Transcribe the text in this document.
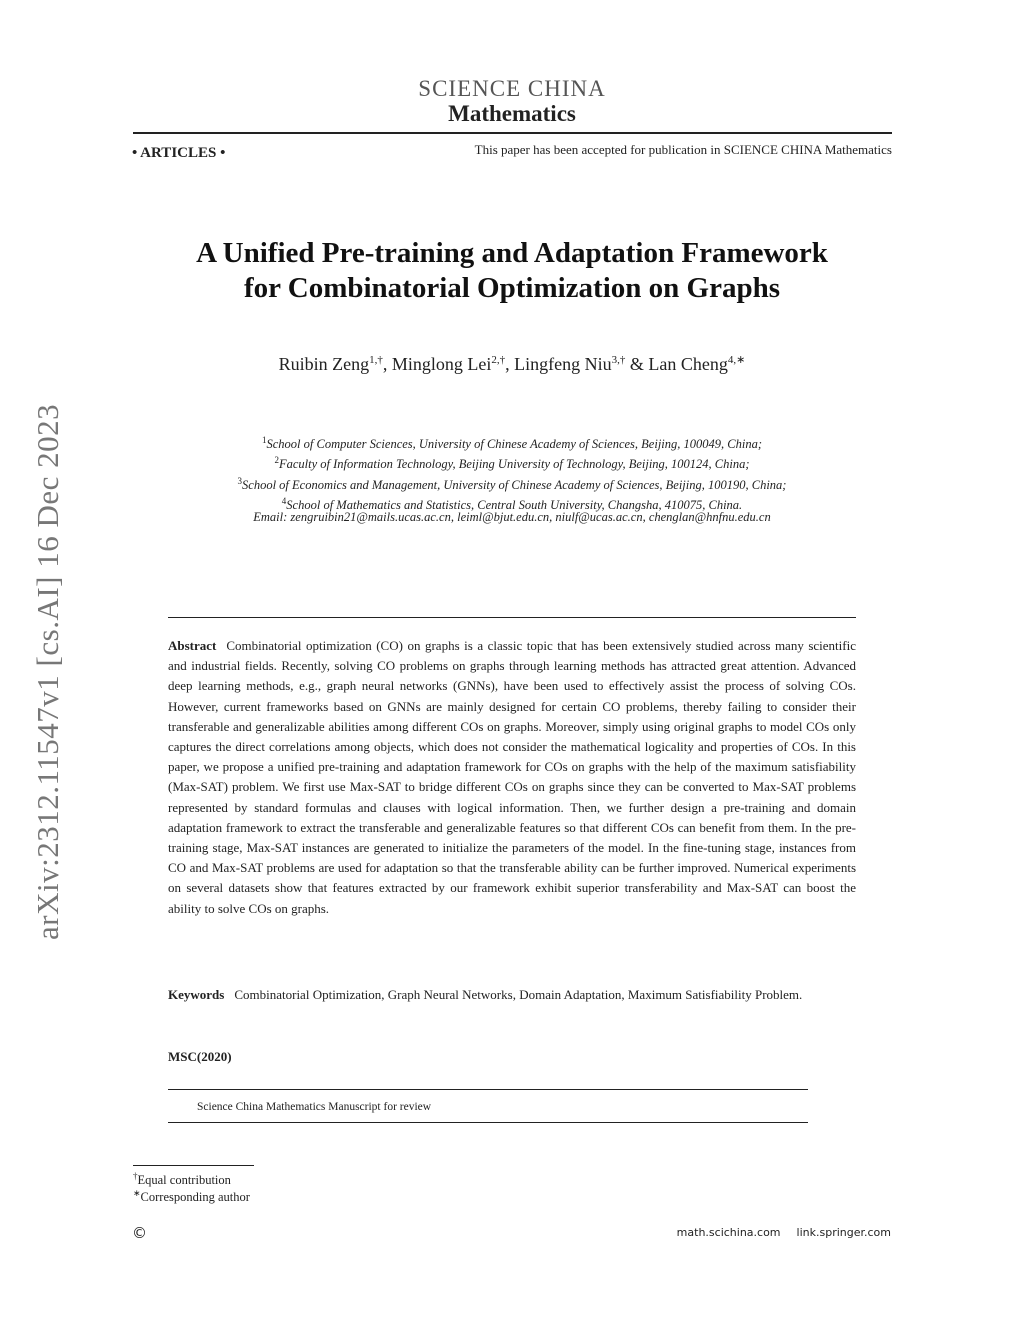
SCIENCE CHINA
Mathematics
• ARTICLES •	This paper has been accepted for publication in SCIENCE CHINA Mathematics
arXiv:2312.11547v1 [cs.AI] 16 Dec 2023
A Unified Pre-training and Adaptation Framework
for Combinatorial Optimization on Graphs
Ruibin Zeng$^{1,\dagger}$, Minglong Lei$^{2,\dagger}$, Lingfeng Niu$^{3,\dagger}$ & Lan Cheng$^{4,∗}$
$^1$School of Computer Sciences, University of Chinese Academy of Sciences, Beijing, 100049, China;
$^2$Faculty of Information Technology, Beijing University of Technology, Beijing, 100124, China;
$^3$School of Economics and Management, University of Chinese Academy of Sciences, Beijing, 100190, China;
$^4$School of Mathematics and Statistics, Central South University, Changsha, 410075, China.
Email: zengruibin21@mails.ucas.ac.cn, leiml@bjut.edu.cn, niulf@ucas.ac.cn, chenglan@hnfnu.edu.cn
Abstract Combinatorial optimization (CO) on graphs is a classic topic that has been extensively studied across many scientific and industrial fields. Recently, solving CO problems on graphs through learning methods has attracted great attention. Advanced deep learning methods, e.g., graph neural networks (GNNs), have been used to effectively assist the process of solving COs. However, current frameworks based on GNNs are mainly designed for certain CO problems, thereby failing to consider their transferable and generalizable abilities among different COs on graphs. Moreover, simply using original graphs to model COs only captures the direct correlations among objects, which does not consider the mathematical logicality and properties of COs. In this paper, we propose a unified pre-training and adaptation framework for COs on graphs with the help of the maximum satisfiability (Max-SAT) problem. We first use Max-SAT to bridge different COs on graphs since they can be converted to Max-SAT problems represented by standard formulas and clauses with logical information. Then, we further design a pre-training and domain adaptation framework to extract the transferable and generalizable features so that different COs can benefit from them. In the pre-training stage, Max-SAT instances are generated to initialize the parameters of the model. In the fine-tuning stage, instances from CO and Max-SAT problems are used for adaptation so that the transferable ability can be further improved. Numerical experiments on several datasets show that features extracted by our framework exhibit superior transferability and Max-SAT can boost the ability to solve COs on graphs.
Keywords Combinatorial Optimization, Graph Neural Networks, Domain Adaptation, Maximum Satisfiability Problem.
MSC(2020)
Science China Mathematics Manuscript for review
†Equal contribution
∗Corresponding author
©	math.scichina.com link.springer.com
